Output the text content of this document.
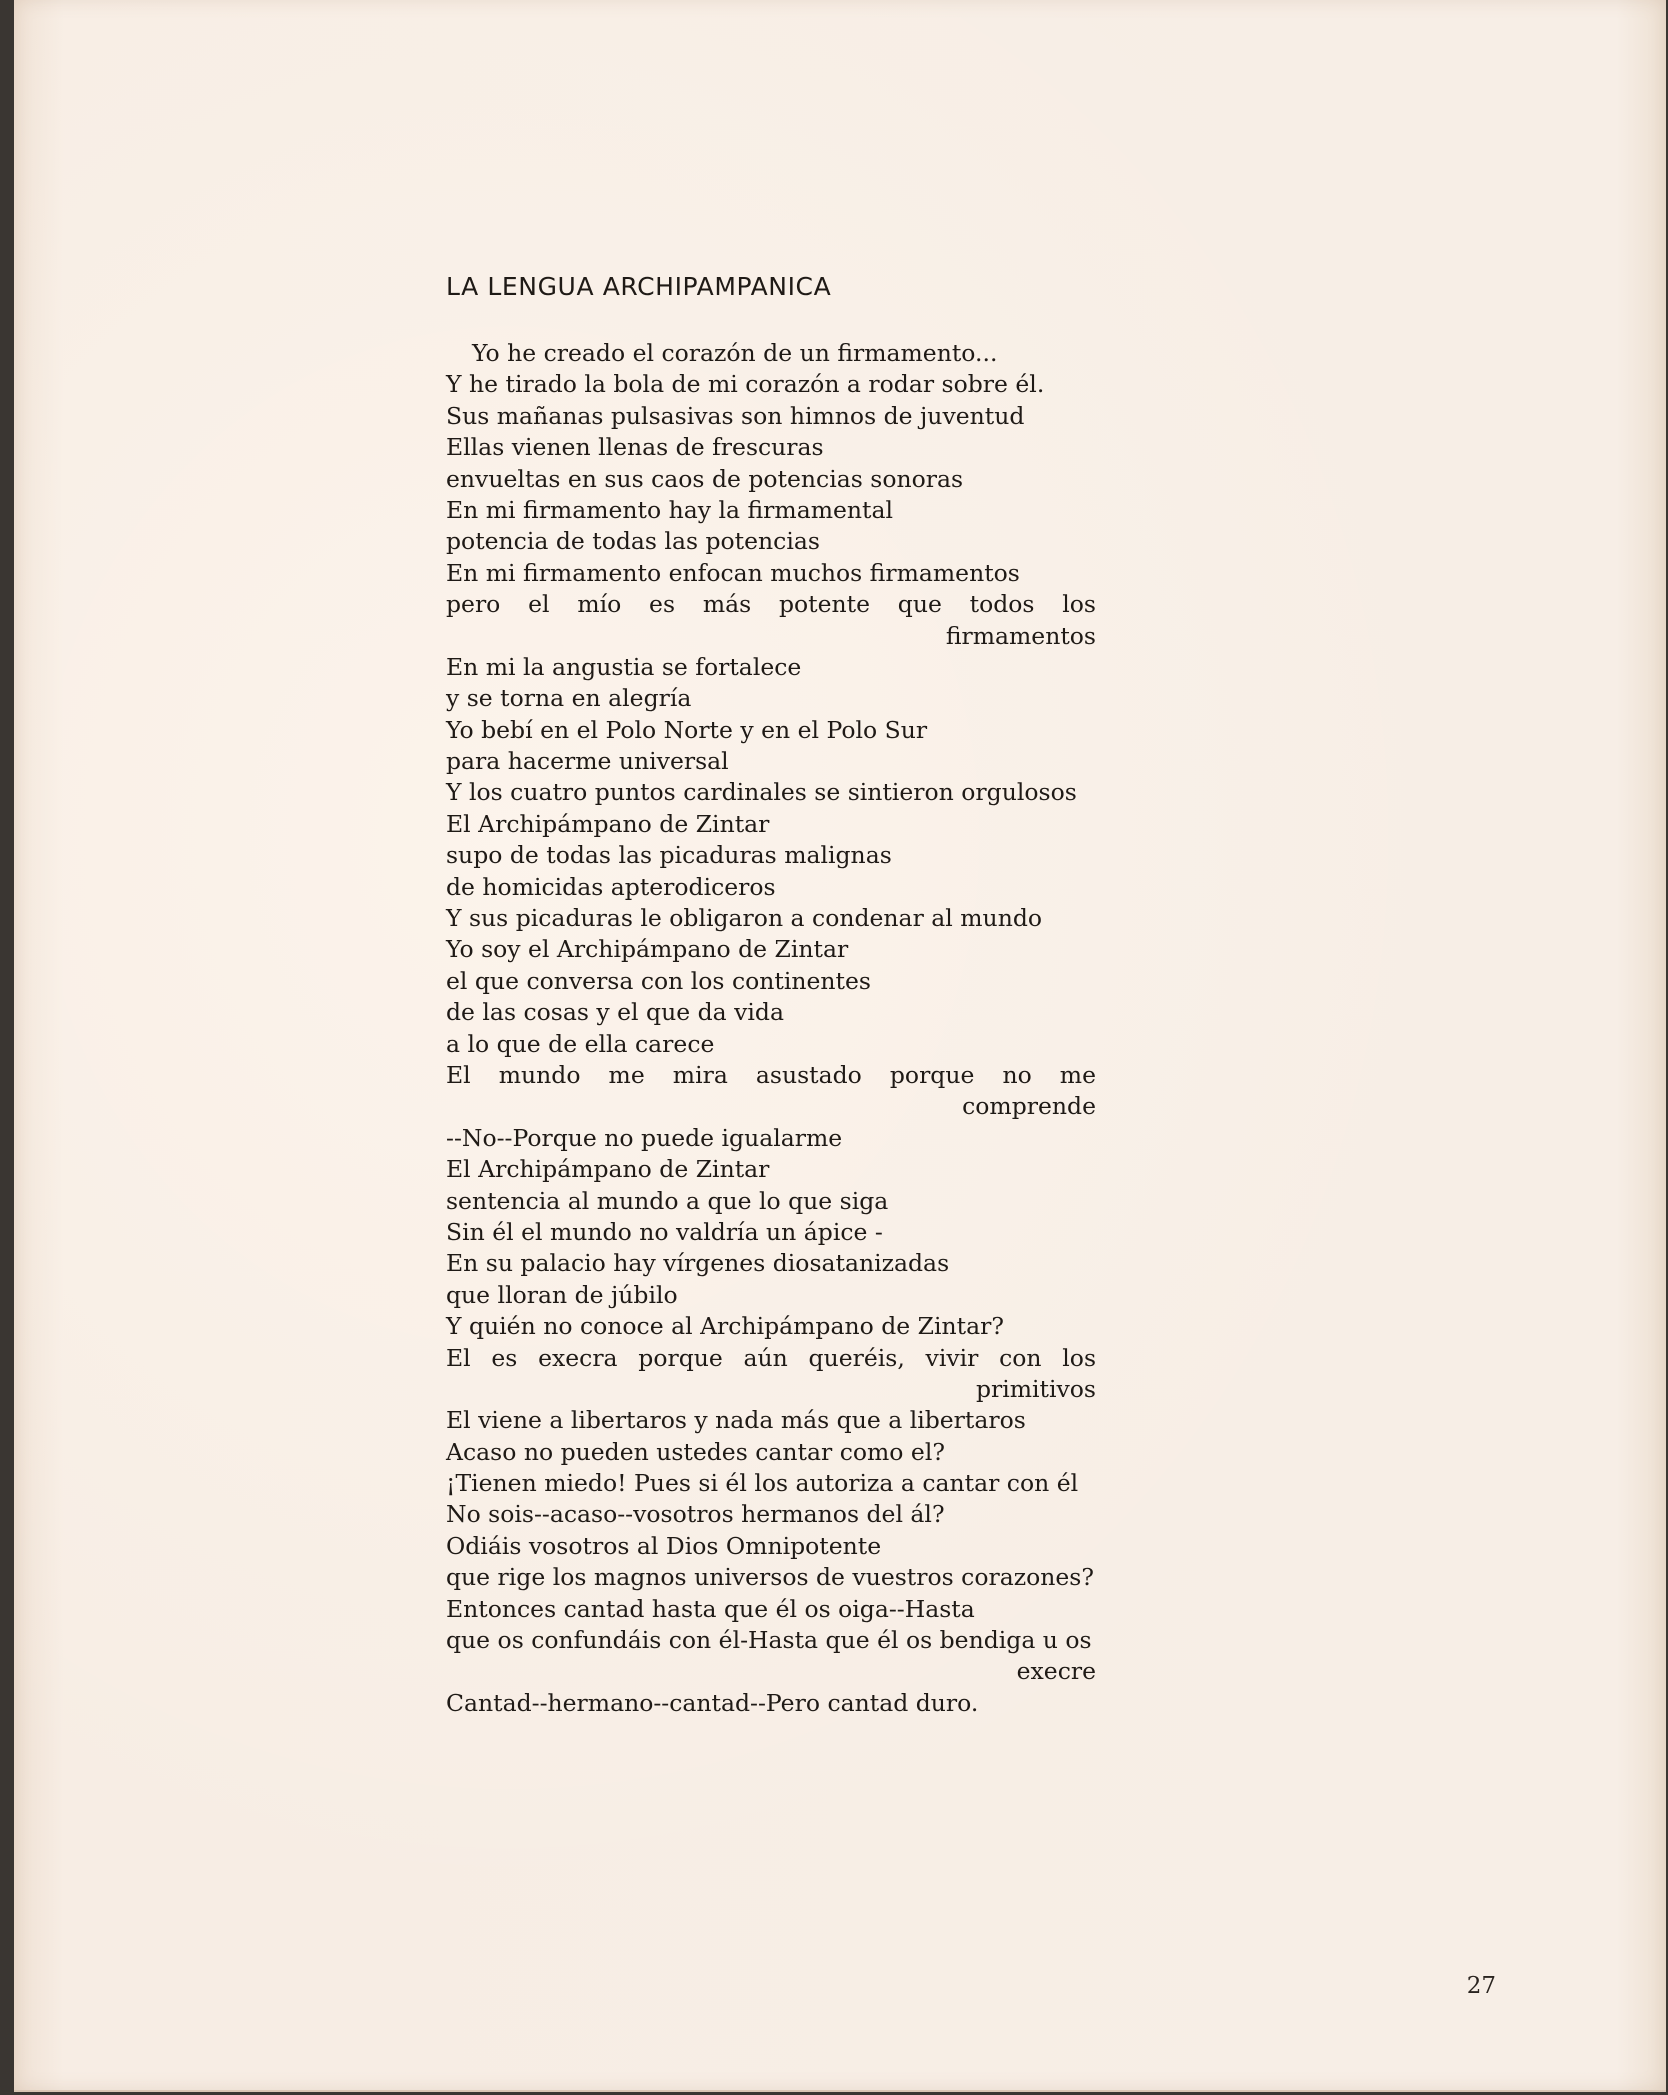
LA LENGUA ARCHIPAMPANICA
Yo he creado el corazón de un firmamento...
Y he tirado la bola de mi corazón a rodar sobre él.
Sus mañanas pulsasivas son himnos de juventud
Ellas vienen llenas de frescuras
envueltas en sus caos de potencias sonoras
En mi firmamento hay la firmamental
potencia de todas las potencias
En mi firmamento enfocan muchos firmamentos
pero el mío es más potente que todos los
firmamentos
En mi la angustia se fortalece
y se torna en alegría
Yo bebí en el Polo Norte y en el Polo Sur
para hacerme universal
Y los cuatro puntos cardinales se sintieron orgulosos
El Archipámpano de Zintar
supo de todas las picaduras malignas
de homicidas apterodiceros
Y sus picaduras le obligaron a condenar al mundo
Yo soy el Archipámpano de Zintar
el que conversa con los continentes
de las cosas y el que da vida
a lo que de ella carece
El mundo me mira asustado porque no me
comprende
--No--Porque no puede igualarme
El Archipámpano de Zintar
sentencia al mundo a que lo que siga
Sin él el mundo no valdría un ápice -
En su palacio hay vírgenes diosatanizadas
que lloran de júbilo
Y quién no conoce al Archipámpano de Zintar?
El es execra porque aún queréis, vivir con los
primitivos
El viene a libertaros y nada más que a libertaros
Acaso no pueden ustedes cantar como el?
¡Tienen miedo! Pues si él los autoriza a cantar con él
No sois--acaso--vosotros hermanos del ál?
Odiáis vosotros al Dios Omnipotente
que rige los magnos universos de vuestros corazones?
Entonces cantad hasta que él os oiga--Hasta
que os confundáis con él-Hasta que él os bendiga u os
execre
Cantad--hermano--cantad--Pero cantad duro.
27
